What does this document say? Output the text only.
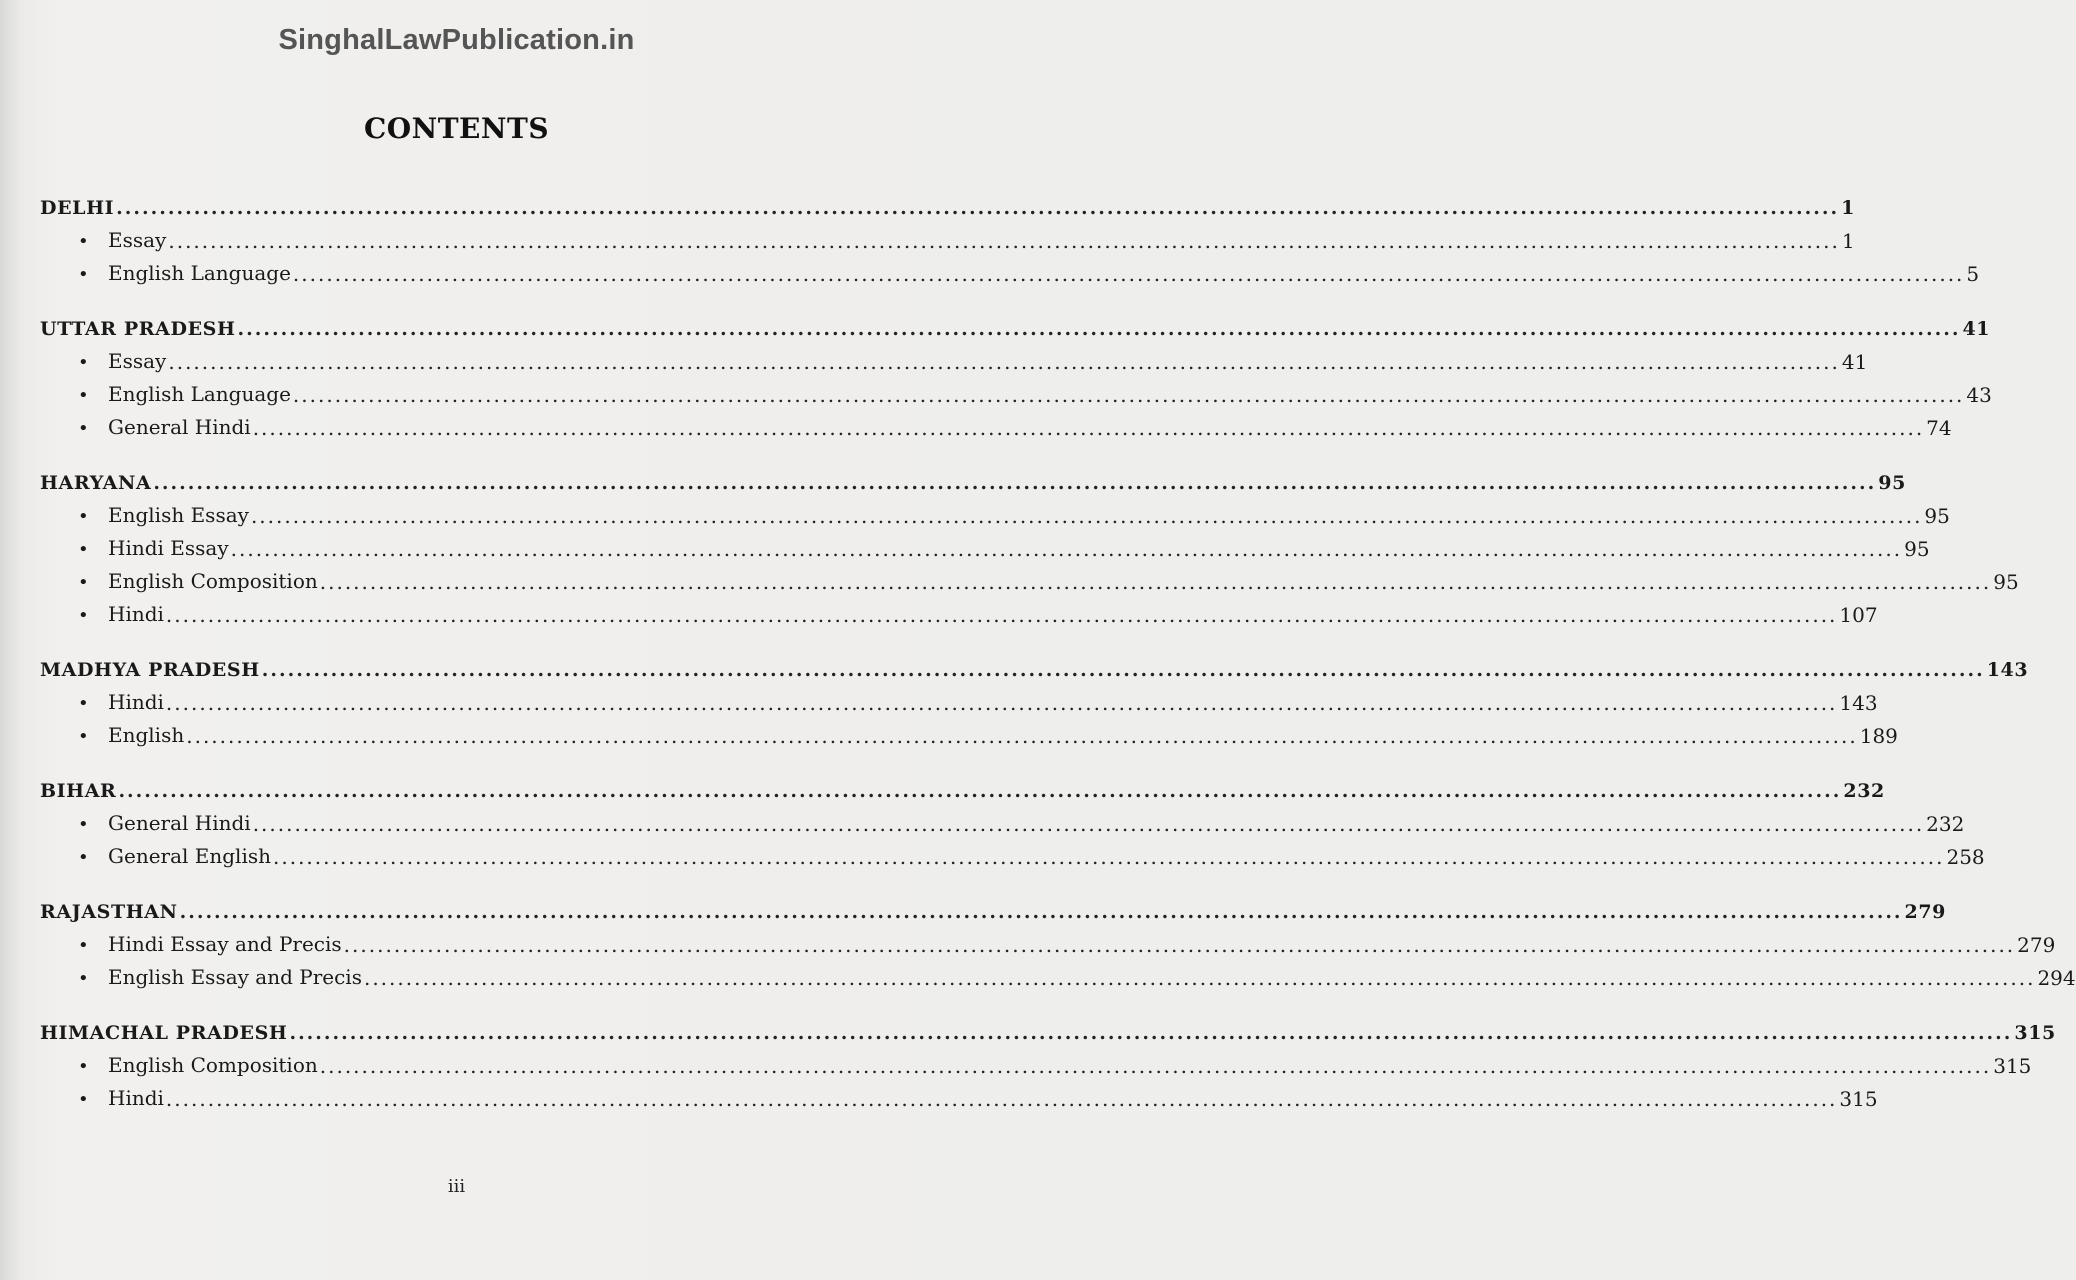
SinghalLawPublication.in
CONTENTS
DELHI ........................................................................................................................................................................................................ 1
• Essay ........................................................................................................................................................................................................ 1
• English Language ........................................................................................................................................................................................................ 5
UTTAR PRADESH ........................................................................................................................................................................................................ 41
• Essay ........................................................................................................................................................................................................ 41
• English Language ........................................................................................................................................................................................................ 43
• General Hindi ........................................................................................................................................................................................................ 74
HARYANA ........................................................................................................................................................................................................ 95
• English Essay ........................................................................................................................................................................................................ 95
• Hindi Essay ........................................................................................................................................................................................................ 95
• English Composition ........................................................................................................................................................................................................ 95
• Hindi ........................................................................................................................................................................................................ 107
MADHYA PRADESH ........................................................................................................................................................................................................ 143
• Hindi ........................................................................................................................................................................................................ 143
• English ........................................................................................................................................................................................................ 189
BIHAR ........................................................................................................................................................................................................ 232
• General Hindi ........................................................................................................................................................................................................ 232
• General English ........................................................................................................................................................................................................ 258
RAJASTHAN ........................................................................................................................................................................................................ 279
• Hindi Essay and Precis ........................................................................................................................................................................................................ 279
• English Essay and Precis ........................................................................................................................................................................................................ 294
HIMACHAL PRADESH ........................................................................................................................................................................................................ 315
• English Composition ........................................................................................................................................................................................................ 315
• Hindi ........................................................................................................................................................................................................ 315
iii
